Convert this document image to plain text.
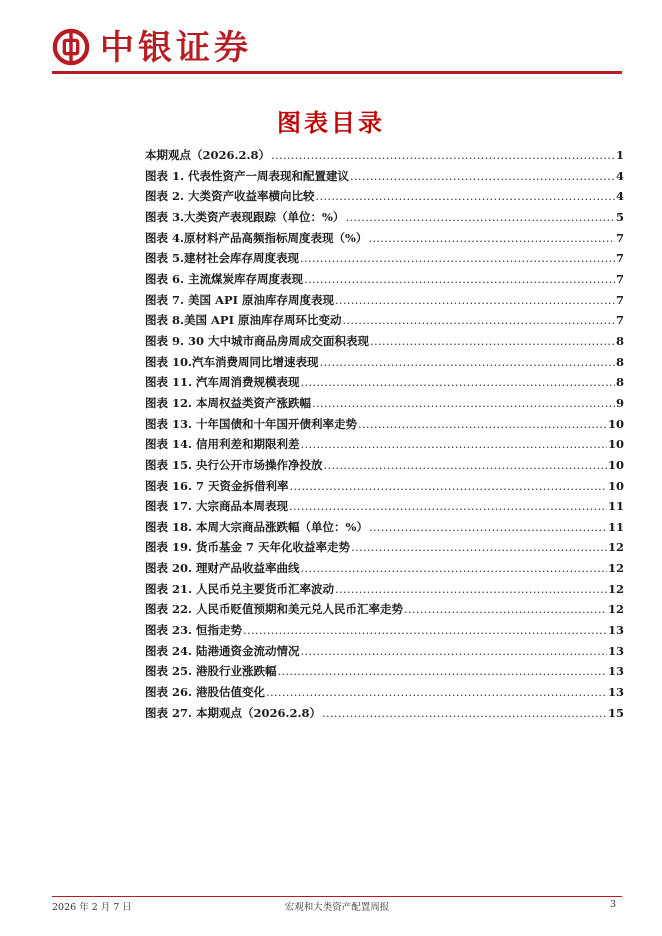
中银证券
图表目录
本期观点（2026.2.8） .....	1
图表 1. 代表性资产一周表现和配置建议 .....	4
图表 2. 大类资产收益率横向比较 .....	4
图表 3.大类资产表现跟踪（单位：%） .....	5
图表 4.原材料产品高频指标周度表现（%） .....	7
图表 5.建材社会库存周度表现 .....	7
图表 6. 主流煤炭库存周度表现 .....	7
图表 7. 美国 API 原油库存周度表现 .....	7
图表 8.美国 API 原油库存周环比变动 .....	7
图表 9. 30 大中城市商品房周成交面积表现 .....	8
图表 10.汽车消费周同比增速表现 .....	8
图表 11. 汽车周消费规模表现 .....	8
图表 12. 本周权益类资产涨跌幅 .....	9
图表 13. 十年国债和十年国开债利率走势 .....	10
图表 14. 信用利差和期限利差 .....	10
图表 15. 央行公开市场操作净投放 .....	10
图表 16. 7 天资金拆借利率 .....	10
图表 17. 大宗商品本周表现 .....	11
图表 18. 本周大宗商品涨跌幅（单位：%） .....	11
图表 19. 货币基金 7 天年化收益率走势 .....	12
图表 20. 理财产品收益率曲线 .....	12
图表 21. 人民币兑主要货币汇率波动 .....	12
图表 22. 人民币贬值预期和美元兑人民币汇率走势 .....	12
图表 23. 恒指走势 .....	13
图表 24. 陆港通资金流动情况 .....	13
图表 25. 港股行业涨跌幅 .....	13
图表 26. 港股估值变化 .....	13
图表 27. 本期观点（2026.2.8） .....	15
2026 年 2 月 7 日	宏观和大类资产配置周报	3
